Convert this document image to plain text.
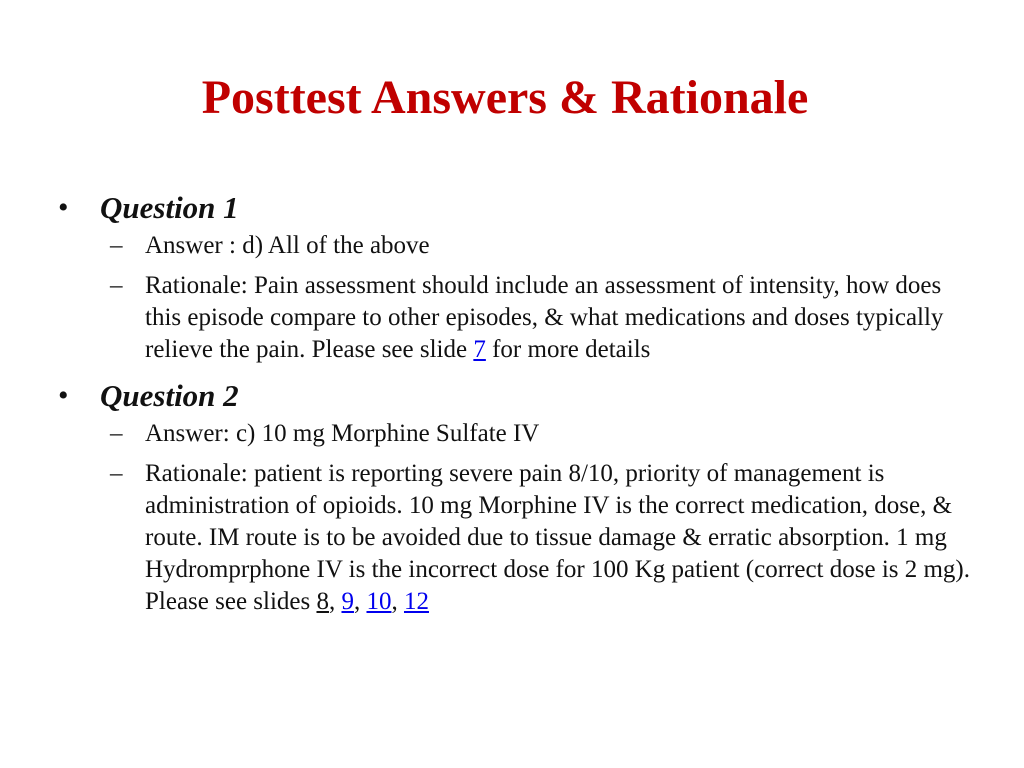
Posttest Answers & Rationale
• Question 1
– Answer : d) All of the above
– Rationale: Pain assessment should include an assessment of intensity, how does this episode compare to other episodes, & what medications and doses typically relieve the pain. Please see slide 7 for more details
• Question 2
– Answer: c) 10 mg Morphine Sulfate IV
– Rationale: patient is reporting severe pain 8/10, priority of management is administration of opioids. 10 mg Morphine IV is the correct medication, dose, & route. IM route is to be avoided due to tissue damage & erratic absorption. 1 mg Hydromprphone IV is the incorrect dose for 100 Kg patient (correct dose is 2 mg). Please see slides 8, 9, 10, 12
